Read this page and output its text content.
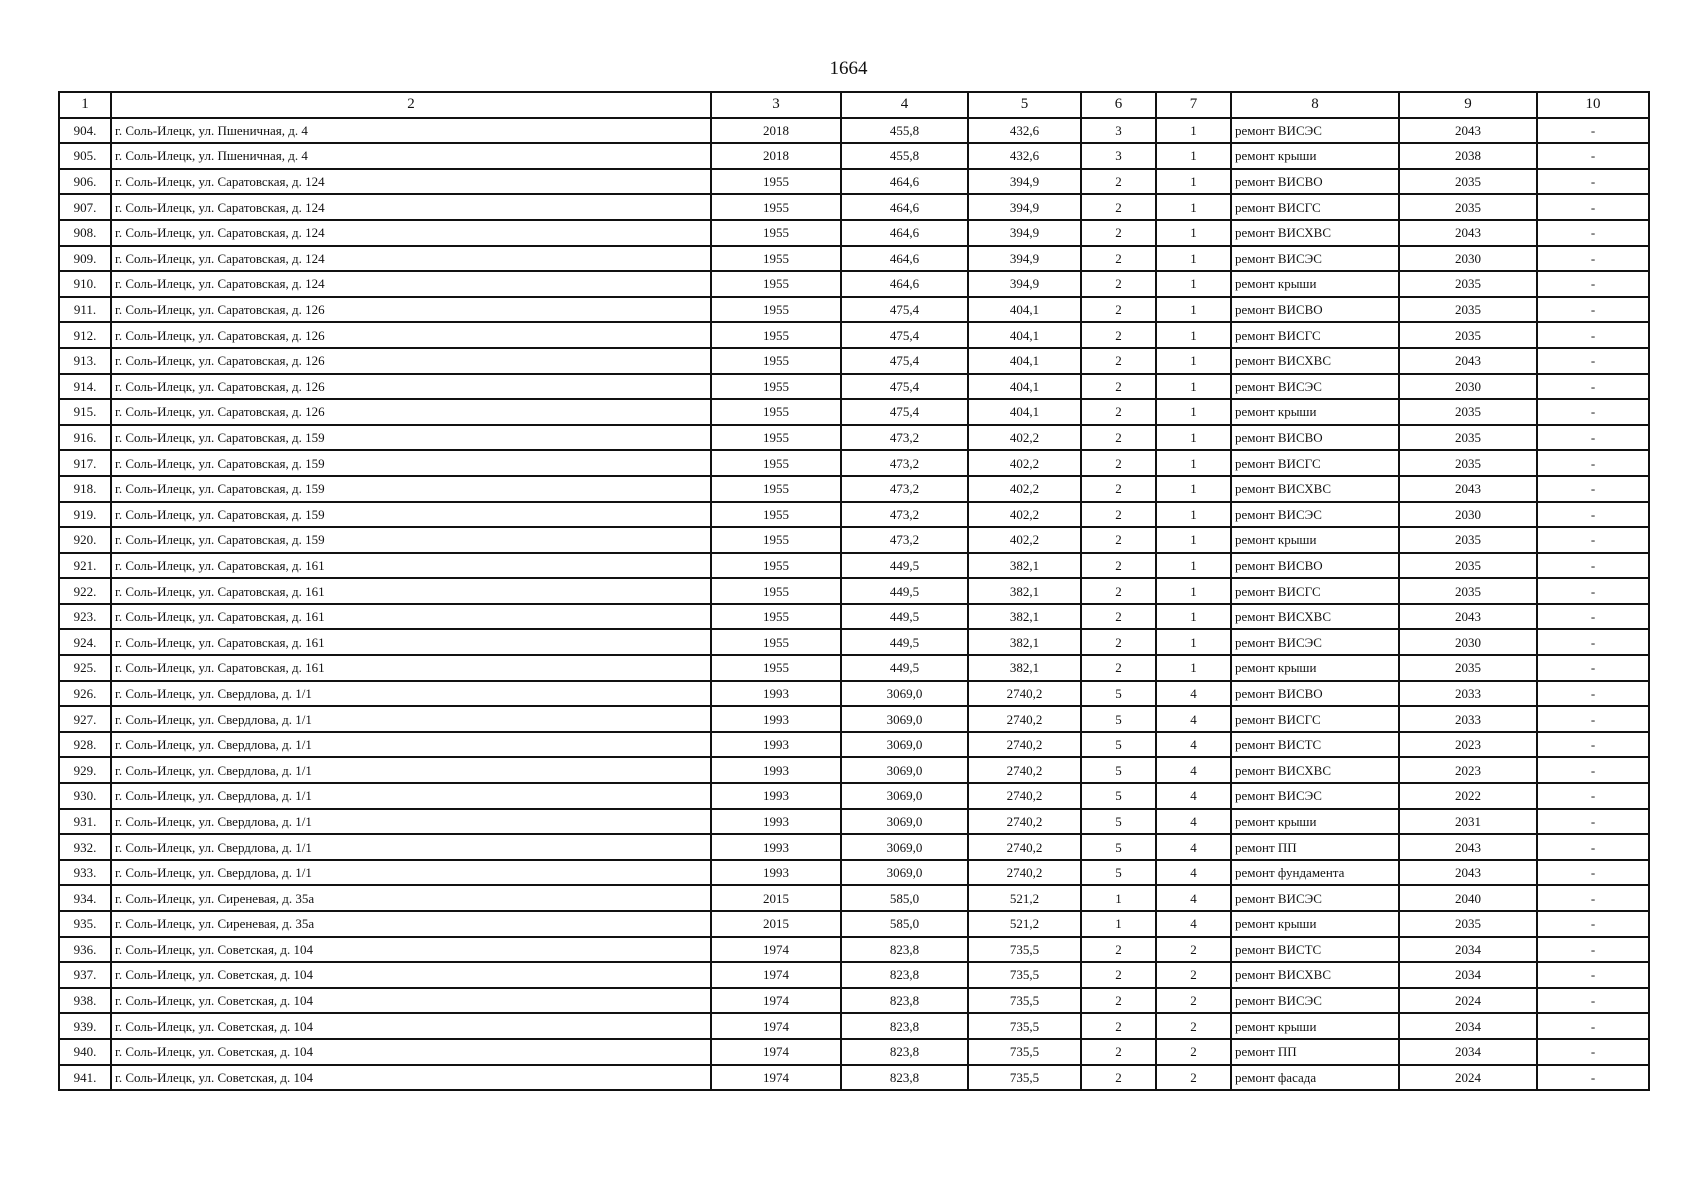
1664
1	2	3	4	5	6	7	8	9	10
904.	г. Соль-Илецк, ул. Пшеничная, д. 4	2018	455,8	432,6	3	1	ремонт ВИСЭС	2043	-
905.	г. Соль-Илецк, ул. Пшеничная, д. 4	2018	455,8	432,6	3	1	ремонт крыши	2038	-
906.	г. Соль-Илецк, ул. Саратовская, д. 124	1955	464,6	394,9	2	1	ремонт ВИСВО	2035	-
907.	г. Соль-Илецк, ул. Саратовская, д. 124	1955	464,6	394,9	2	1	ремонт ВИСГС	2035	-
908.	г. Соль-Илецк, ул. Саратовская, д. 124	1955	464,6	394,9	2	1	ремонт ВИСХВС	2043	-
909.	г. Соль-Илецк, ул. Саратовская, д. 124	1955	464,6	394,9	2	1	ремонт ВИСЭС	2030	-
910.	г. Соль-Илецк, ул. Саратовская, д. 124	1955	464,6	394,9	2	1	ремонт крыши	2035	-
911.	г. Соль-Илецк, ул. Саратовская, д. 126	1955	475,4	404,1	2	1	ремонт ВИСВО	2035	-
912.	г. Соль-Илецк, ул. Саратовская, д. 126	1955	475,4	404,1	2	1	ремонт ВИСГС	2035	-
913.	г. Соль-Илецк, ул. Саратовская, д. 126	1955	475,4	404,1	2	1	ремонт ВИСХВС	2043	-
914.	г. Соль-Илецк, ул. Саратовская, д. 126	1955	475,4	404,1	2	1	ремонт ВИСЭС	2030	-
915.	г. Соль-Илецк, ул. Саратовская, д. 126	1955	475,4	404,1	2	1	ремонт крыши	2035	-
916.	г. Соль-Илецк, ул. Саратовская, д. 159	1955	473,2	402,2	2	1	ремонт ВИСВО	2035	-
917.	г. Соль-Илецк, ул. Саратовская, д. 159	1955	473,2	402,2	2	1	ремонт ВИСГС	2035	-
918.	г. Соль-Илецк, ул. Саратовская, д. 159	1955	473,2	402,2	2	1	ремонт ВИСХВС	2043	-
919.	г. Соль-Илецк, ул. Саратовская, д. 159	1955	473,2	402,2	2	1	ремонт ВИСЭС	2030	-
920.	г. Соль-Илецк, ул. Саратовская, д. 159	1955	473,2	402,2	2	1	ремонт крыши	2035	-
921.	г. Соль-Илецк, ул. Саратовская, д. 161	1955	449,5	382,1	2	1	ремонт ВИСВО	2035	-
922.	г. Соль-Илецк, ул. Саратовская, д. 161	1955	449,5	382,1	2	1	ремонт ВИСГС	2035	-
923.	г. Соль-Илецк, ул. Саратовская, д. 161	1955	449,5	382,1	2	1	ремонт ВИСХВС	2043	-
924.	г. Соль-Илецк, ул. Саратовская, д. 161	1955	449,5	382,1	2	1	ремонт ВИСЭС	2030	-
925.	г. Соль-Илецк, ул. Саратовская, д. 161	1955	449,5	382,1	2	1	ремонт крыши	2035	-
926.	г. Соль-Илецк, ул. Свердлова, д. 1/1	1993	3069,0	2740,2	5	4	ремонт ВИСВО	2033	-
927.	г. Соль-Илецк, ул. Свердлова, д. 1/1	1993	3069,0	2740,2	5	4	ремонт ВИСГС	2033	-
928.	г. Соль-Илецк, ул. Свердлова, д. 1/1	1993	3069,0	2740,2	5	4	ремонт ВИСТС	2023	-
929.	г. Соль-Илецк, ул. Свердлова, д. 1/1	1993	3069,0	2740,2	5	4	ремонт ВИСХВС	2023	-
930.	г. Соль-Илецк, ул. Свердлова, д. 1/1	1993	3069,0	2740,2	5	4	ремонт ВИСЭС	2022	-
931.	г. Соль-Илецк, ул. Свердлова, д. 1/1	1993	3069,0	2740,2	5	4	ремонт крыши	2031	-
932.	г. Соль-Илецк, ул. Свердлова, д. 1/1	1993	3069,0	2740,2	5	4	ремонт ПП	2043	-
933.	г. Соль-Илецк, ул. Свердлова, д. 1/1	1993	3069,0	2740,2	5	4	ремонт фундамента	2043	-
934.	г. Соль-Илецк, ул. Сиреневая, д. 35а	2015	585,0	521,2	1	4	ремонт ВИСЭС	2040	-
935.	г. Соль-Илецк, ул. Сиреневая, д. 35а	2015	585,0	521,2	1	4	ремонт крыши	2035	-
936.	г. Соль-Илецк, ул. Советская, д. 104	1974	823,8	735,5	2	2	ремонт ВИСТС	2034	-
937.	г. Соль-Илецк, ул. Советская, д. 104	1974	823,8	735,5	2	2	ремонт ВИСХВС	2034	-
938.	г. Соль-Илецк, ул. Советская, д. 104	1974	823,8	735,5	2	2	ремонт ВИСЭС	2024	-
939.	г. Соль-Илецк, ул. Советская, д. 104	1974	823,8	735,5	2	2	ремонт крыши	2034	-
940.	г. Соль-Илецк, ул. Советская, д. 104	1974	823,8	735,5	2	2	ремонт ПП	2034	-
941.	г. Соль-Илецк, ул. Советская, д. 104	1974	823,8	735,5	2	2	ремонт фасада	2024	-
